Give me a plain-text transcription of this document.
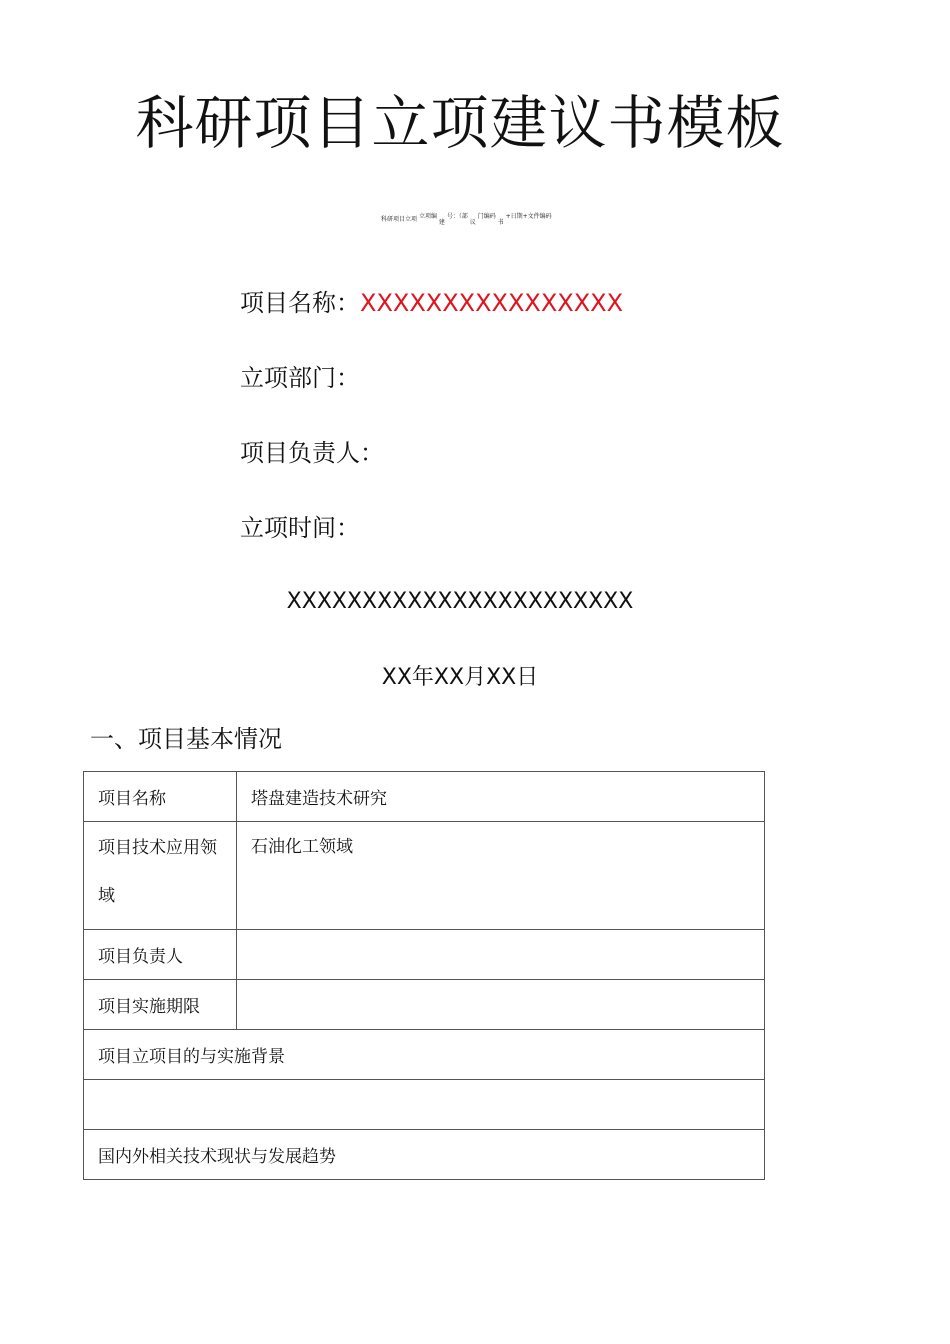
科研项目立项建议书模板
科研项目立项 立项编 建 号：（部 议 门编码 书 +日期+文件编码
项目名称：XXXXXXXXXXXXXXXX
立项部门：
项目负责人：
立项时间：
XXXXXXXXXXXXXXXXXXXXXXX
XX年XX月XX日
一、项目基本情况
项目名称	塔盘建造技术研究
项目技术应用领域	石油化工领域
项目负责人	
项目实施期限	
项目立项目的与实施背景	

国内外相关技术现状与发展趋势	
